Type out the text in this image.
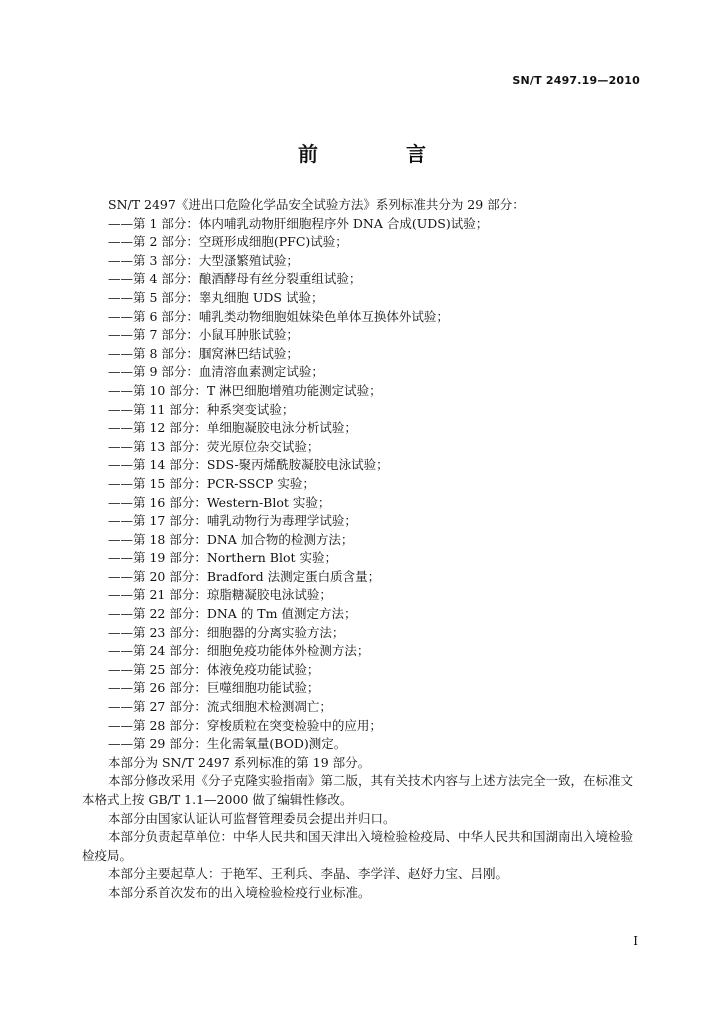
SN/T 2497.19—2010
前　言
SN/T 2497《进出口危险化学品安全试验方法》系列标准共分为 29 部分：
——第 1 部分：体内哺乳动物肝细胞程序外 DNA 合成(UDS)试验；
——第 2 部分：空斑形成细胞(PFC)试验；
——第 3 部分：大型溞繁殖试验；
——第 4 部分：酿酒酵母有丝分裂重组试验；
——第 5 部分：睾丸细胞 UDS 试验；
——第 6 部分：哺乳类动物细胞姐妹染色单体互换体外试验；
——第 7 部分：小鼠耳肿胀试验；
——第 8 部分：腘窝淋巴结试验；
——第 9 部分：血清溶血素测定试验；
——第 10 部分：T 淋巴细胞增殖功能测定试验；
——第 11 部分：种系突变试验；
——第 12 部分：单细胞凝胶电泳分析试验；
——第 13 部分：荧光原位杂交试验；
——第 14 部分：SDS-聚丙烯酰胺凝胶电泳试验；
——第 15 部分：PCR-SSCP 实验；
——第 16 部分：Western-Blot 实验；
——第 17 部分：哺乳动物行为毒理学试验；
——第 18 部分：DNA 加合物的检测方法；
——第 19 部分：Northern Blot 实验；
——第 20 部分：Bradford 法测定蛋白质含量；
——第 21 部分：琼脂糖凝胶电泳试验；
——第 22 部分：DNA 的 Tm 值测定方法；
——第 23 部分：细胞器的分离实验方法；
——第 24 部分：细胞免疫功能体外检测方法；
——第 25 部分：体液免疫功能试验；
——第 26 部分：巨噬细胞功能试验；
——第 27 部分：流式细胞术检测凋亡；
——第 28 部分：穿梭质粒在突变检验中的应用；
——第 29 部分：生化需氧量(BOD)测定。

本部分为 SN/T 2497 系列标准的第 19 部分。

本部分修改采用《分子克隆实验指南》第二版，其有关技术内容与上述方法完全一致，在标准文本格式上按 GB/T 1.1—2000 做了编辑性修改。

本部分由国家认证认可监督管理委员会提出并归口。

本部分负责起草单位：中华人民共和国天津出入境检验检疫局、中华人民共和国湖南出入境检验检疫局。

本部分主要起草人：于艳军、王利兵、李晶、李学洋、赵妤力宝、吕刚。

本部分系首次发布的出入境检验检疫行业标准。

I
